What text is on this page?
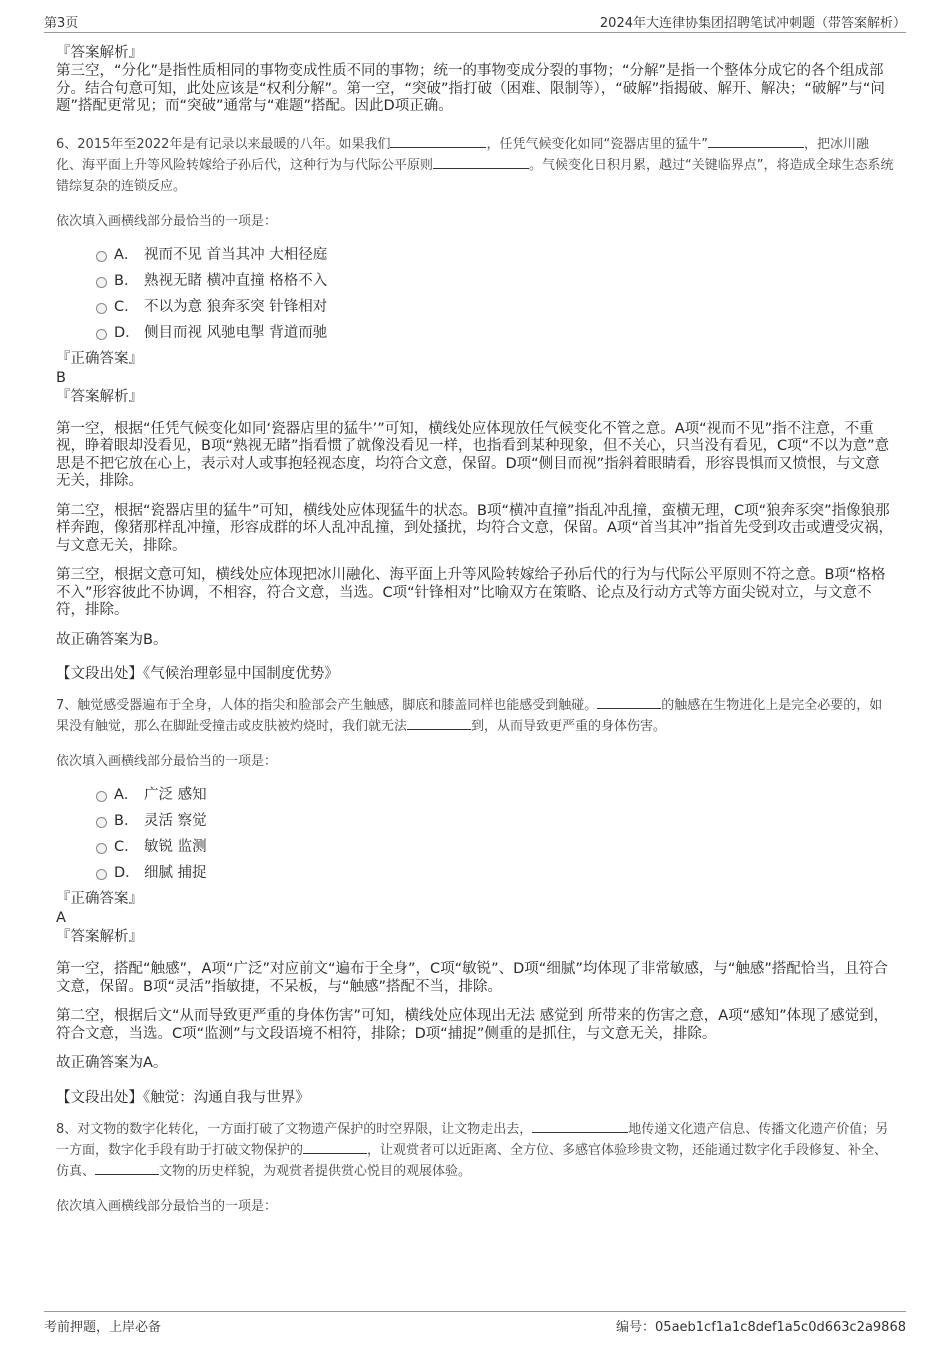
第3页	2024年大连律协集团招聘笔试冲刺题（带答案解析）

『答案解析』

第三空，“分化”是指性质相同的事物变成性质不同的事物；统一的事物变成分裂的事物；“分解”是指一个整体分成它的各个组成部分。结合句意可知，此处应该是“权利分解”。第一空，“突破”指打破（困难、限制等），“破解”指揭破、解开、解决；“破解”与“问题”搭配更常见；而“突破”通常与“难题”搭配。因此D项正确。

6、2015年至2022年是有记录以来最暖的八年。如果我们	，任凭气候变化如同“瓷器店里的猛牛”	，把冰川融化、海平面上升等风险转嫁给子孙后代，这种行为与代际公平原则	。气候变化日积月累，越过“关键临界点”，将造成全球生态系统错综复杂的连锁反应。

依次填入画横线部分最恰当的一项是：

A． 视而不见 首当其冲 大相径庭
B． 熟视无睹 横冲直撞 格格不入
C． 不以为意 狼奔豕突 针锋相对
D． 侧目而视 风驰电掣 背道而驰

『正确答案』

B

『答案解析』

第一空，根据“任凭气候变化如同‘瓷器店里的猛牛’”可知，横线处应体现放任气候变化不管之意。A项“视而不见”指不注意，不重视，睁着眼却没看见，B项“熟视无睹”指看惯了就像没看见一样，也指看到某种现象，但不关心，只当没有看见，C项“不以为意”意思是不把它放在心上，表示对人或事抱轻视态度，均符合文意，保留。D项“侧目而视”指斜着眼睛看，形容畏惧而又愤恨，与文意无关，排除。

第二空，根据“瓷器店里的猛牛”可知，横线处应体现猛牛的状态。B项“横冲直撞”指乱冲乱撞，蛮横无理，C项“狼奔豕突”指像狼那样奔跑，像猪那样乱冲撞，形容成群的坏人乱冲乱撞，到处搔扰，均符合文意，保留。A项“首当其冲”指首先受到攻击或遭受灾祸，与文意无关，排除。

第三空，根据文意可知，横线处应体现把冰川融化、海平面上升等风险转嫁给子孙后代的行为与代际公平原则不符之意。B项“格格不入”形容彼此不协调，不相容，符合文意，当选。C项“针锋相对”比喻双方在策略、论点及行动方式等方面尖锐对立，与文意不符，排除。

故正确答案为B。

【文段出处】《气候治理彰显中国制度优势》

7、触觉感受器遍布于全身，人体的指尖和脸部会产生触感，脚底和膝盖同样也能感受到触碰。	的触感在生物进化上是完全必要的，如果没有触觉，那么在脚趾受撞击或皮肤被灼烧时，我们就无法	到，从而导致更严重的身体伤害。

依次填入画横线部分最恰当的一项是：

A． 广泛 感知
B． 灵活 察觉
C． 敏锐 监测
D． 细腻 捕捉

『正确答案』

A

『答案解析』

第一空，搭配“触感”，A项“广泛”对应前文“遍布于全身”，C项“敏锐”、D项“细腻”均体现了非常敏感，与“触感”搭配恰当，且符合文意，保留。B项“灵活”指敏捷，不呆板，与“触感”搭配不当，排除。

第二空，根据后文“从而导致更严重的身体伤害”可知，横线处应体现出无法 感觉到 所带来的伤害之意，A项“感知”体现了感觉到，符合文意，当选。C项“监测”与文段语境不相符，排除；D项“捕捉”侧重的是抓住，与文意无关，排除。

故正确答案为A。

【文段出处】《触觉：沟通自我与世界》

8、对文物的数字化转化，一方面打破了文物遗产保护的时空界限，让文物走出去，	地传递文化遗产信息、传播文化遗产价值；另一方面，数字化手段有助于打破文物保护的	，让观赏者可以近距离、全方位、多感官体验珍贵文物，还能通过数字化手段修复、补全、仿真、	文物的历史样貌，为观赏者提供赏心悦目的观展体验。

依次填入画横线部分最恰当的一项是：

考前押题，上岸必备	编号：05aeb1cf1a1c8def1a5c0d663c2a9868
